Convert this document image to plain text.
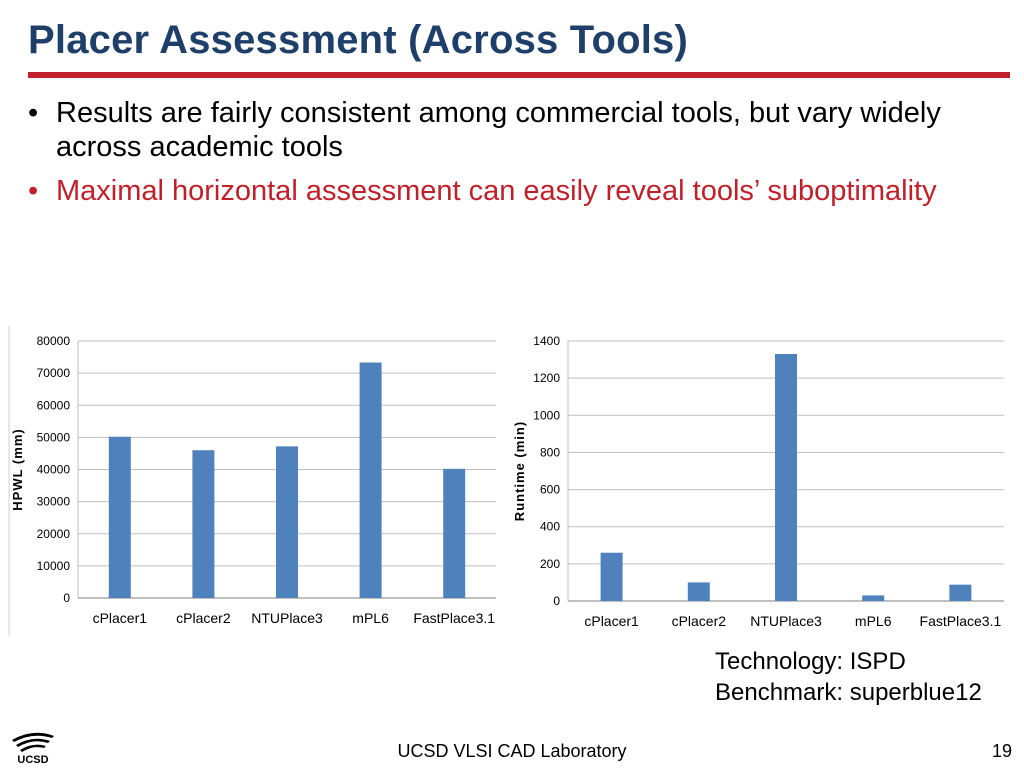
Placer Assessment (Across Tools)
• Results are fairly consistent among commercial tools, but vary widely across academic tools
• Maximal horizontal assessment can easily reveal tools’ suboptimality
0
10000
20000
30000
40000
50000
60000
70000
80000
cPlacer1 cPlacer2 NTUPlace3 mPL6 FastPlace3.1
HPWL (mm)
0
200
400
600
800
1000
1200
1400
cPlacer1 cPlacer2 NTUPlace3 mPL6 FastPlace3.1
Runtime (min)
Technology: ISPD
Benchmark: superblue12
UCSD	UCSD VLSI CAD Laboratory	19
